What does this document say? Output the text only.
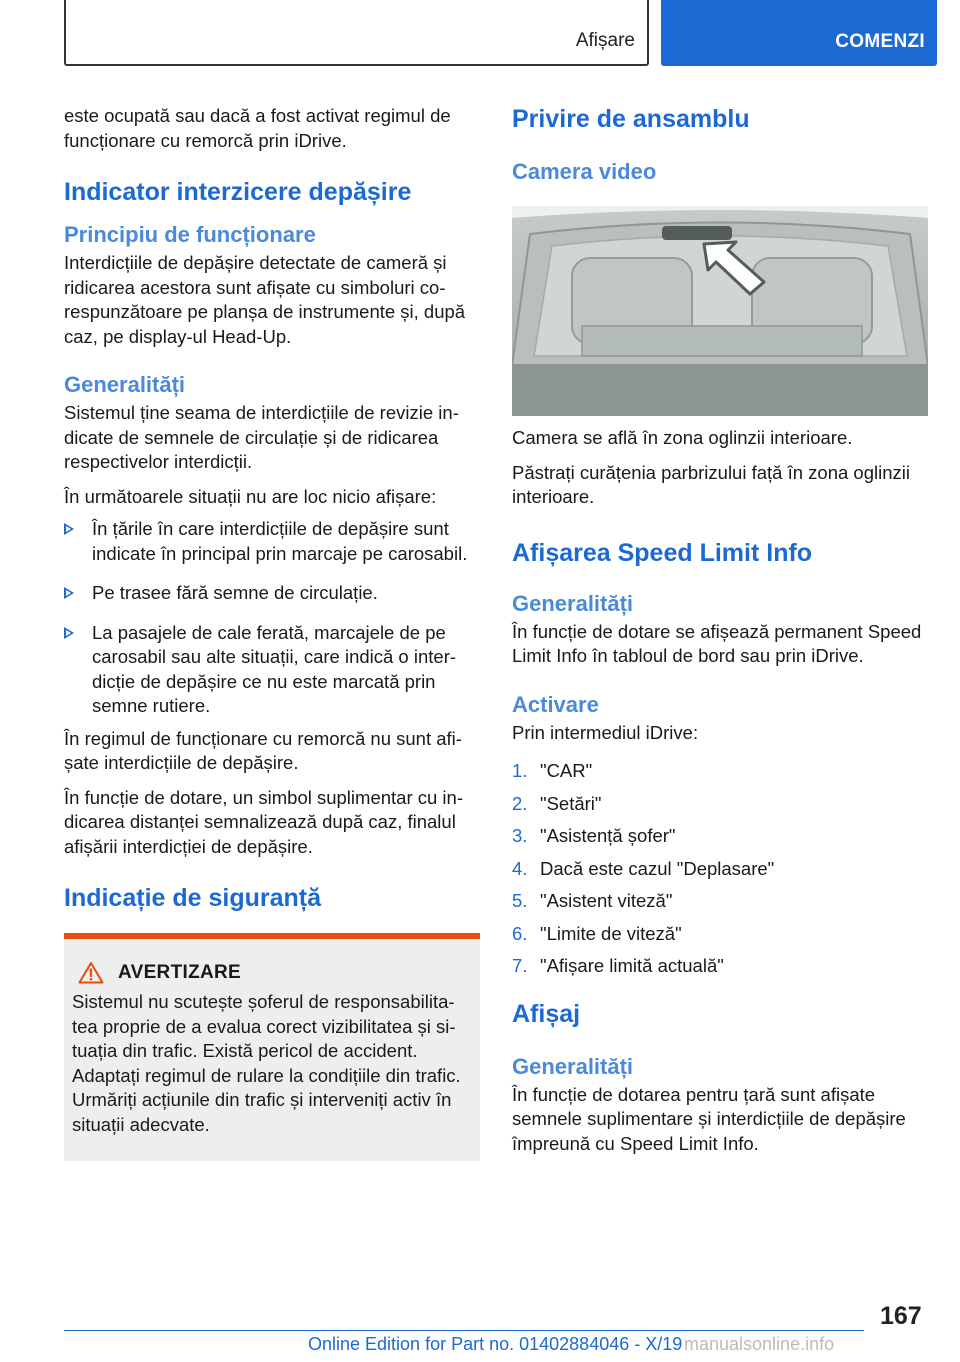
Afișare	COMENZI

este ocupată sau dacă a fost activat regimul de funcționare cu remorcă prin iDrive.

Indicator interzicere depășire
Principiu de funcționare

Interdicțiile de depășire detectate de cameră și ridicarea acestora sunt afișate cu simboluri corespunzătoare pe planșa de instrumente și, după caz, pe display-ul Head-Up.

Generalități

Sistemul ține seama de interdicțiile de revizie indicate de semnele de circulație și de ridicarea respectivelor interdicții.

În următoarele situații nu are loc nicio afișare:

În țările în care interdicțiile de depășire sunt indicate în principal prin marcaje pe carosabil.
Pe trasee fără semne de circulație.
La pasajele de cale ferată, marcajele de pe carosabil sau alte situații, care indică o interdicție de depășire ce nu este marcată prin semne rutiere.

În regimul de funcționare cu remorcă nu sunt afișate interdicțiile de depășire.

În funcție de dotare, un simbol suplimentar cu indicarea distanței semnalizează după caz, finalul afișării interdicției de depășire.

Indicație de siguranță
AVERTIZARE

Sistemul nu scutește șoferul de responsabilitatea proprie de a evalua corect vizibilitatea și situația din trafic. Există pericol de accident. Adaptați regimul de rulare la condițiile din trafic. Urmăriți acțiunile din trafic și interveniți activ în situații adecvate.

Privire de ansamblu
Camera video

Camera se află în zona oglinzii interioare.

Păstrați curățenia parbrizului față în zona oglinzii interioare.

Afișarea Speed Limit Info
Generalități

În funcție de dotare se afișează permanent Speed Limit Info în tabloul de bord sau prin iDrive.

Activare

Prin intermediul iDrive:

1. "CAR"
2. "Setări"
3. "Asistență șofer"
4. Dacă este cazul "Deplasare"
5. "Asistent viteză"
6. "Limite de viteză"
7. "Afișare limită actuală"
Afișaj
Generalități

În funcție de dotarea pentru țară sunt afișate semnele suplimentare și interdicțiile de depășire împreună cu Speed Limit Info.

167
Online Edition for Part no. 01402884046 - X/19 manualsonline.info
